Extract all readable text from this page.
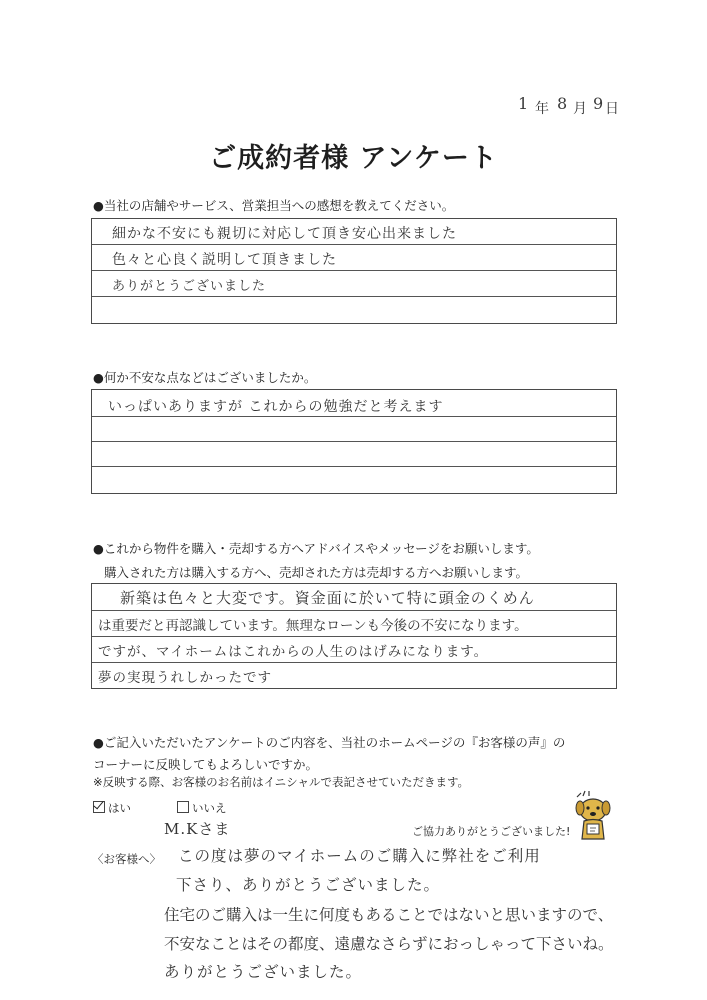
1 年 8 月 9 日
ご成約者様 アンケート
●当社の店舗やサービス、営業担当への感想を教えてください。
細かな不安にも親切に対応して頂き安心出来ました
色々と心良く説明して頂きました
ありがとうございました
●何か不安な点などはございましたか。
いっぱいありますが これからの勉強だと考えます
●これから物件を購入・売却する方へアドバイスやメッセージをお願いします。
購入された方は購入する方へ、売却された方は売却する方へお願いします。
新築は色々と大変です。資金面に於いて特に頭金のくめん
は重要だと再認識しています。無理なローンも今後の不安になります。
ですが、マイホームはこれからの人生のはげみになります。
夢の実現うれしかったです
●ご記入いただいたアンケートのご内容を、当社のホームページの『お客様の声』の
コーナーに反映してもよろしいですか。
※反映する際、お客様のお名前はイニシャルで表記させていただきます。
はい	いいえ
M.Kさま	ご協力ありがとうございました!
〈お客様へ〉 この度は夢のマイホームのご購入に弊社をご利用
下さり、ありがとうございました。
住宅のご購入は一生に何度もあることではないと思いますので、
不安なことはその都度、遠慮なさらずにおっしゃって下さいね。
ありがとうございました。
